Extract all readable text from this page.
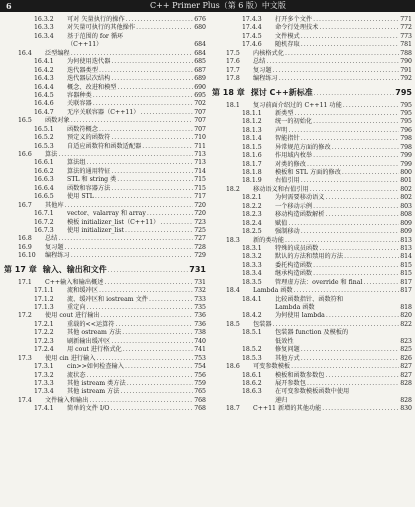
6	C++ Primer Plus（第 6 版）中文版
16.3.2	可对 矢量执行的操作 .....	676
16.3.3	对矢量可执行的其他操作 .....	680
16.3.4	基于范围的 for 循环
（C++11）	684
16.4	泛型编程 .....	684
16.4.1	为何使用迭代器 .....	685
16.4.2	迭代器类型 .....	687
16.4.3	迭代器层次结构 .....	689
16.4.4	概念、改进和模型 .....	690
16.4.5	容器种类 .....	695
16.4.6	关联容器 .....	702
16.4.7	无序关联容器（C++11） .....	707
16.5	函数对象 .....	707
16.5.1	函数符概念 .....	707
16.5.2	预定义的函数符 .....	710
16.5.3	自适应函数符和函数适配器 .....	711
16.6	算法 .....	713
16.6.1	算法组 .....	713
16.6.2	算法的通用特征 .....	714
16.6.3	STL 和 string 类 .....	715
16.6.4	函数和容器方法 .....	715
16.6.5	使用 STL .....	717
16.7	其他库 .....	720
16.7.1	vector、valarray 和 array .....	720
16.7.2	模板 initializer_list（C++11） .....	723
16.7.3	使用 initializer_list .....	725
16.8	总结 .....	727
16.9	复习题 .....	728
16.10	编程练习 .....	729
第 17 章 输入、输出和文件 .....	731
17.1	C++输入和输出概述 .....	731
17.1.1	流和缓冲区 .....	732
17.1.2	流、缓冲区和 iostream 文件 .....	733
17.1.3	重定向 .....	735
17.2	使用 cout 进行输出 .....	736
17.2.1	重载的<<运算符 .....	736
17.2.2	其他 ostream 方法 .....	738
17.2.3	刷新输出缓冲区 .....	740
17.2.4	用 cout 进行格式化 .....	741
17.3	使用 cin 进行输入 .....	753
17.3.1	cin>>如何检查输入 .....	754
17.3.2	流状态 .....	756
17.3.3	其他 istream 类方法 .....	759
17.3.4	其他 istream 方法 .....	765
17.4	文件输入和输出 .....	768
17.4.1	简单的文件 I/O .....	768
17.4.3	打开多个文件 .....	771
17.4.4	命令行处理技术 .....	772
17.4.5	文件模式 .....	773
17.4.6	随机存取 .....	781
17.5	内核格式化 .....	788
17.6	总结 .....	790
17.7	复习题 .....	791
17.8	编程练习 .....	792
第 18 章 探讨 C++新标准 .....	795
18.1	复习前面介绍过的 C++11 功能 .....	795
18.1.1	新类型 .....	795
18.1.2	统一的初始化 .....	795
18.1.3	声明 .....	796
18.1.4	智能指针 .....	798
18.1.5	异常规范方面的修改 .....	798
18.1.6	作用域内枚举 .....	799
18.1.7	对类的修改 .....	799
18.1.8	模板和 STL 方面的修改 .....	800
18.1.9	右值引用 .....	801
18.2	移动语义和右值引用 .....	802
18.2.1	为何需要移动语义 .....	802
18.2.2	一个移动示例 .....	803
18.2.3	移动构造函数解析 .....	808
18.2.4	赋值 .....	809
18.2.5	强制移动 .....	809
18.3	新的类功能 .....	813
18.3.1	特殊的成员函数 .....	813
18.3.2	默认的方法和禁用的方法 .....	814
18.3.3	委托构造函数 .....	815
18.3.4	继承构造函数 .....	815
18.3.5	管理虚方法：override 和 final .....	817
18.4	Lambda 函数 .....	817
18.4.1	比较函数指针、函数符和
Lambda 函数	818
18.4.2	为何使用 lambda .....	820
18.5	包装器 .....	822
18.5.1	包装器 function 及模板的
低效性	823
18.5.2	修复问题 .....	825
18.5.3	其他方式 .....	826
18.6	可变参数模板 .....	827
18.6.1	模板和函数参数包 .....	827
18.6.2	展开参数包 .....	828
18.6.3	在可变参数模板函数中使用
递归	828
18.7	C++11 新增的其他功能 .....	830
